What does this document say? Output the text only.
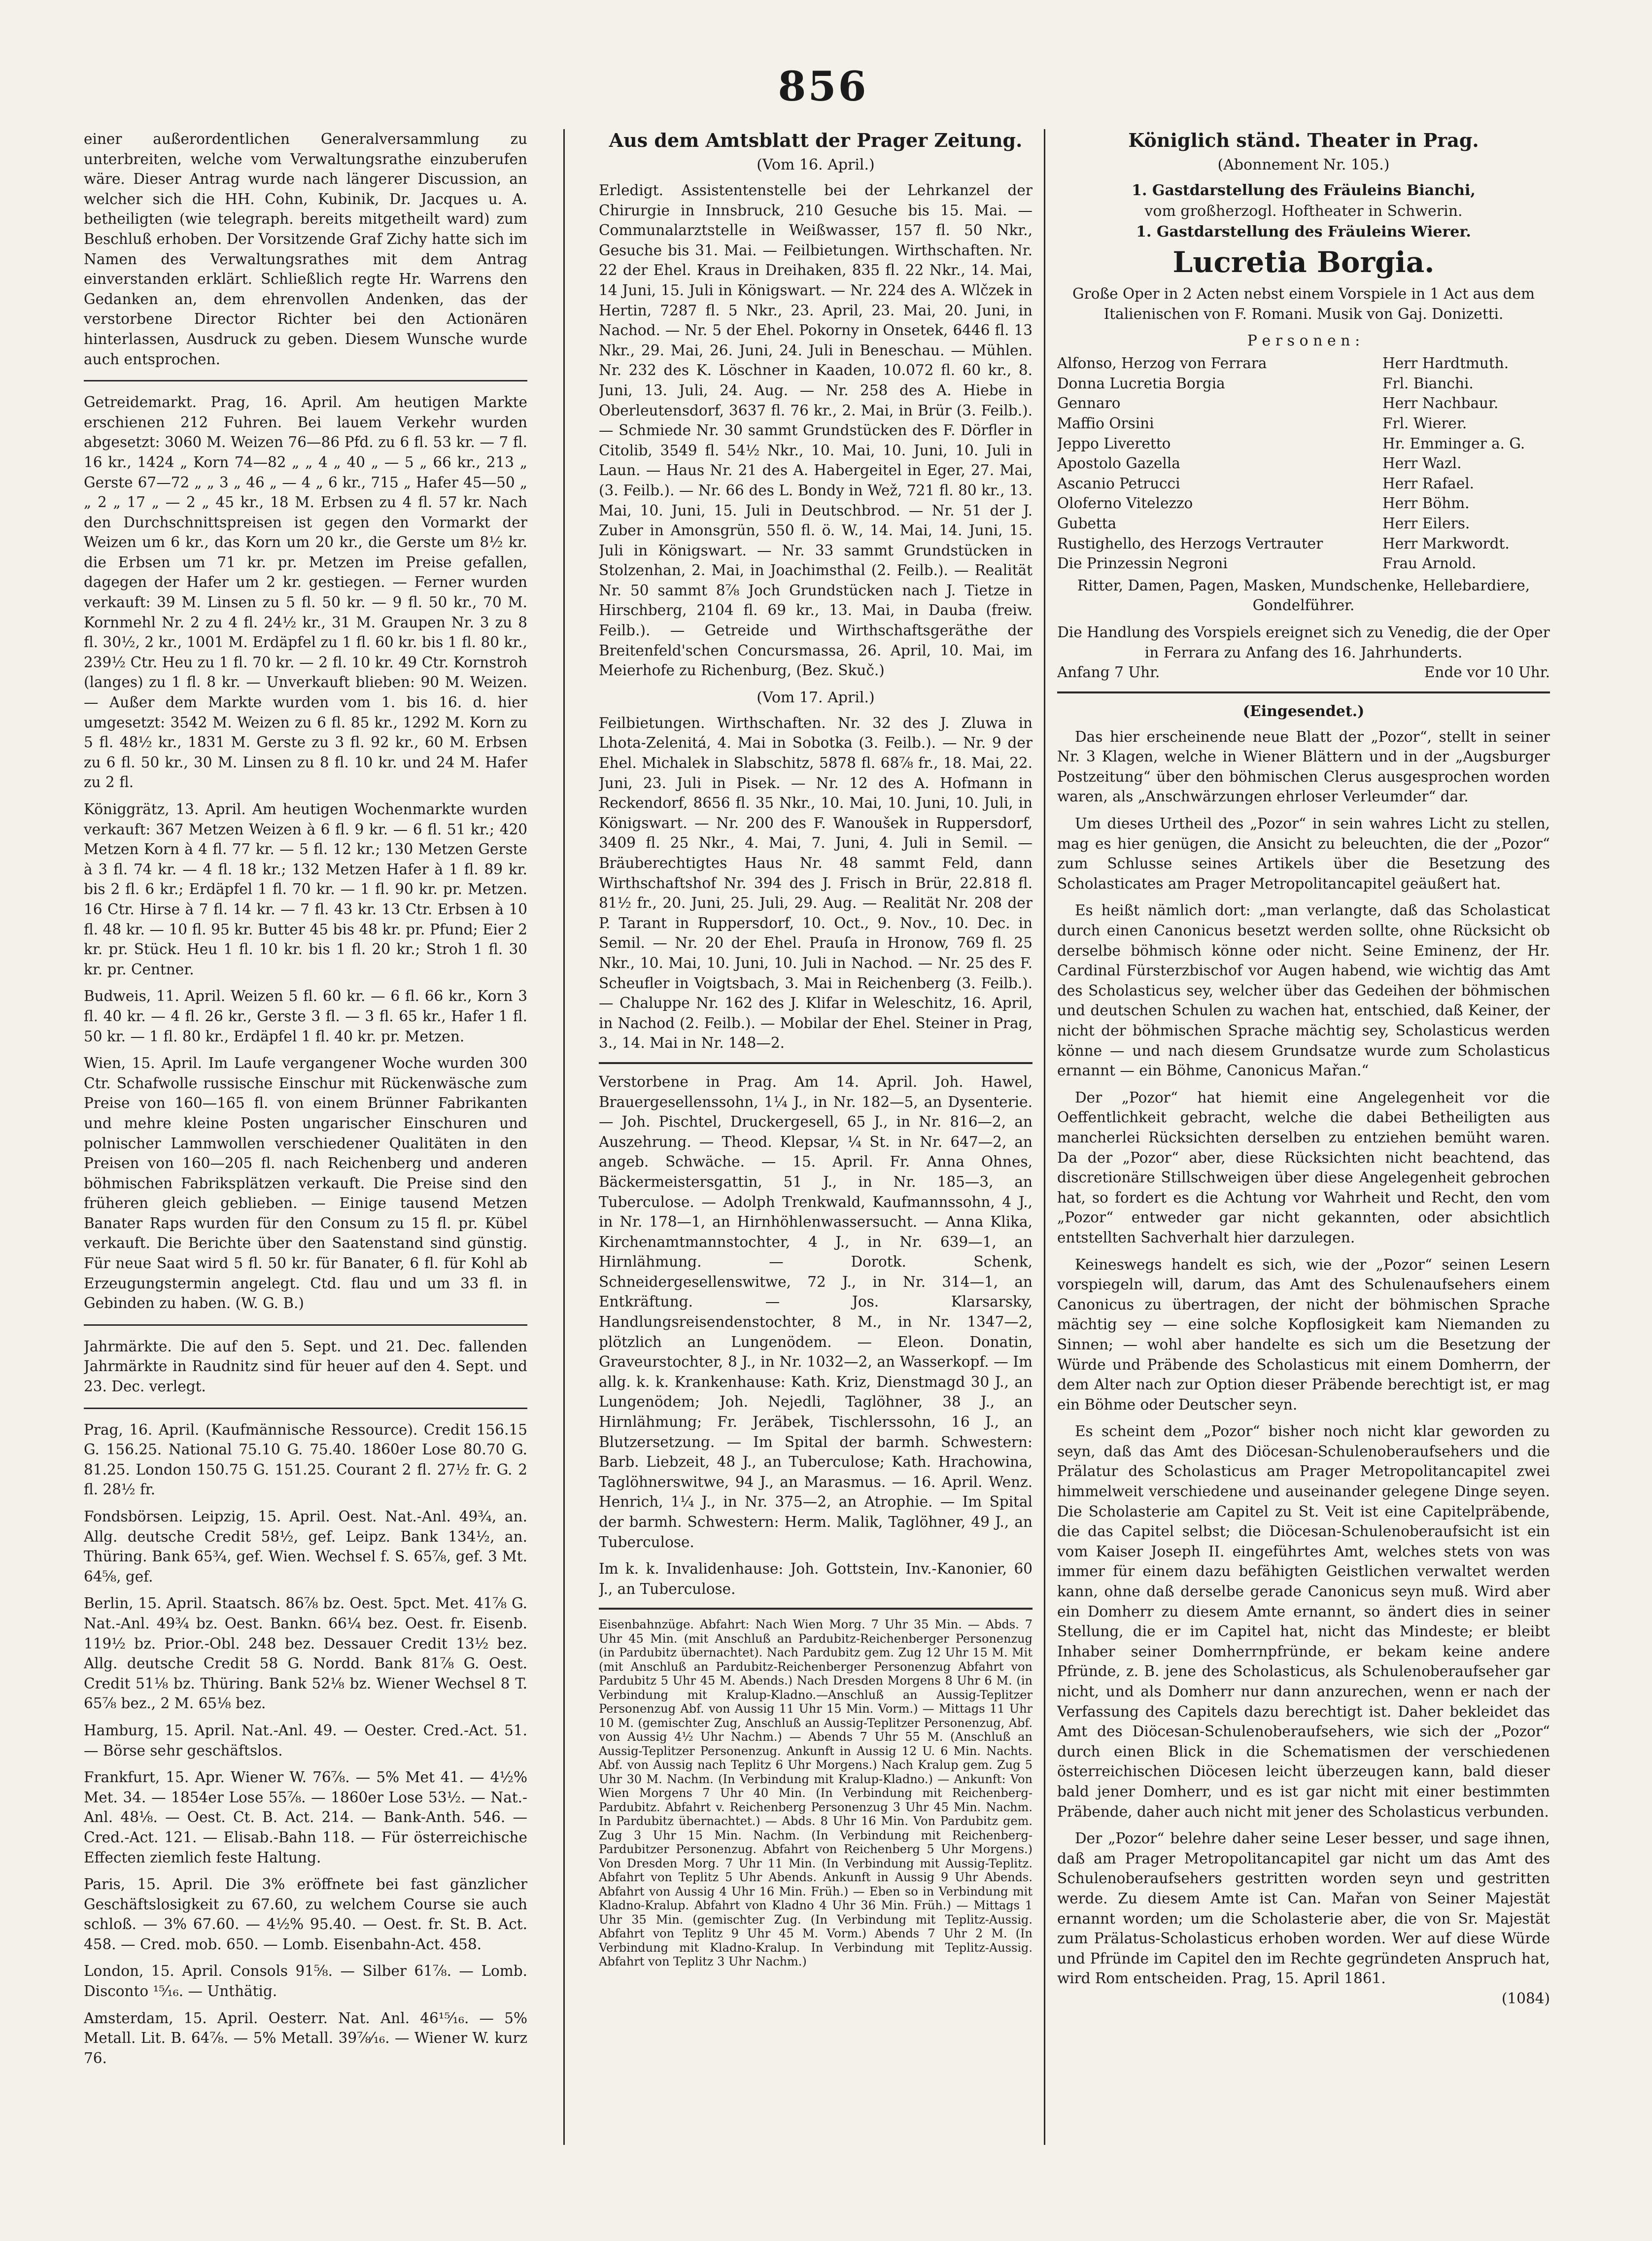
856

einer außerordentlichen Generalversammlung zu unterbreiten, welche vom Verwaltungsrathe einzuberufen wäre. Dieser Antrag wurde nach längerer Discussion, an welcher sich die HH. Cohn, Kubinik, Dr. Jacques u. A. betheiligten (wie telegraph. bereits mitgetheilt ward) zum Beschluß erhoben. Der Vorsitzende Graf Zichy hatte sich im Namen des Verwaltungsrathes mit dem Antrag einverstanden erklärt. Schließlich regte Hr. Warrens den Gedanken an, dem ehrenvollen Andenken, das der verstorbene Director Richter bei den Actionären hinterlassen, Ausdruck zu geben. Diesem Wunsche wurde auch entsprochen.

Getreidemarkt. Prag, 16. April. Am heutigen Markte erschienen 212 Fuhren. Bei lauem Verkehr wurden abgesetzt: 3060 M. Weizen 76—86 Pfd. zu 6 fl. 53 kr. — 7 fl. 16 kr., 1424 „ Korn 74—82 „ „ 4 „ 40 „ — 5 „ 66 kr., 213 „ Gerste 67—72 „ „ 3 „ 46 „ — 4 „ 6 kr., 715 „ Hafer 45—50 „ „ 2 „ 17 „ — 2 „ 45 kr., 18 M. Erbsen zu 4 fl. 57 kr. Nach den Durchschnittspreisen ist gegen den Vormarkt der Weizen um 6 kr., das Korn um 20 kr., die Gerste um 8½ kr. die Erbsen um 71 kr. pr. Metzen im Preise gefallen, dagegen der Hafer um 2 kr. gestiegen. — Ferner wurden verkauft: 39 M. Linsen zu 5 fl. 50 kr. — 9 fl. 50 kr., 70 M. Kornmehl Nr. 2 zu 4 fl. 24½ kr., 31 M. Graupen Nr. 3 zu 8 fl. 30½, 2 kr., 1001 M. Erdäpfel zu 1 fl. 60 kr. bis 1 fl. 80 kr., 239½ Ctr. Heu zu 1 fl. 70 kr. — 2 fl. 10 kr. 49 Ctr. Kornstroh (langes) zu 1 fl. 8 kr. — Unverkauft blieben: 90 M. Weizen. — Außer dem Markte wurden vom 1. bis 16. d. hier umgesetzt: 3542 M. Weizen zu 6 fl. 85 kr., 1292 M. Korn zu 5 fl. 48½ kr., 1831 M. Gerste zu 3 fl. 92 kr., 60 M. Erbsen zu 6 fl. 50 kr., 30 M. Linsen zu 8 fl. 10 kr. und 24 M. Hafer zu 2 fl.

Königgrätz, 13. April. Am heutigen Wochenmarkte wurden verkauft: 367 Metzen Weizen à 6 fl. 9 kr. — 6 fl. 51 kr.; 420 Metzen Korn à 4 fl. 77 kr. — 5 fl. 12 kr.; 130 Metzen Gerste à 3 fl. 74 kr. — 4 fl. 18 kr.; 132 Metzen Hafer à 1 fl. 89 kr. bis 2 fl. 6 kr.; Erdäpfel 1 fl. 70 kr. — 1 fl. 90 kr. pr. Metzen. 16 Ctr. Hirse à 7 fl. 14 kr. — 7 fl. 43 kr. 13 Ctr. Erbsen à 10 fl. 48 kr. — 10 fl. 95 kr. Butter 45 bis 48 kr. pr. Pfund; Eier 2 kr. pr. Stück. Heu 1 fl. 10 kr. bis 1 fl. 20 kr.; Stroh 1 fl. 30 kr. pr. Centner.

Budweis, 11. April. Weizen 5 fl. 60 kr. — 6 fl. 66 kr., Korn 3 fl. 40 kr. — 4 fl. 26 kr., Gerste 3 fl. — 3 fl. 65 kr., Hafer 1 fl. 50 kr. — 1 fl. 80 kr., Erdäpfel 1 fl. 40 kr. pr. Metzen.

Wien, 15. April. Im Laufe vergangener Woche wurden 300 Ctr. Schafwolle russische Einschur mit Rückenwäsche zum Preise von 160—165 fl. von einem Brünner Fabrikanten und mehre kleine Posten ungarischer Einschuren und polnischer Lammwollen verschiedener Qualitäten in den Preisen von 160—205 fl. nach Reichenberg und anderen böhmischen Fabriksplätzen verkauft. Die Preise sind den früheren gleich geblieben. — Einige tausend Metzen Banater Raps wurden für den Consum zu 15 fl. pr. Kübel verkauft. Die Berichte über den Saatenstand sind günstig. Für neue Saat wird 5 fl. 50 kr. für Banater, 6 fl. für Kohl ab Erzeugungstermin angelegt. Ctd. flau und um 33 fl. in Gebinden zu haben. (W. G. B.)

Jahrmärkte. Die auf den 5. Sept. und 21. Dec. fallenden Jahrmärkte in Raudnitz sind für heuer auf den 4. Sept. und 23. Dec. verlegt.

Prag, 16. April. (Kaufmännische Ressource). Credit 156.15 G. 156.25. National 75.10 G. 75.40. 1860er Lose 80.70 G. 81.25. London 150.75 G. 151.25. Courant 2 fl. 27½ fr. G. 2 fl. 28½ fr.

Fondsbörsen. Leipzig, 15. April. Oest. Nat.-Anl. 49¾, an. Allg. deutsche Credit 58½, gef. Leipz. Bank 134½, an. Thüring. Bank 65¾, gef. Wien. Wechsel f. S. 65⅞, gef. 3 Mt. 64⅝, gef.

Berlin, 15. April. Staatsch. 86⅞ bz. Oest. 5pct. Met. 41⅞ G. Nat.-Anl. 49¾ bz. Oest. Bankn. 66¼ bez. Oest. fr. Eisenb. 119½ bz. Prior.-Obl. 248 bez. Dessauer Credit 13½ bez. Allg. deutsche Credit 58 G. Nordd. Bank 81⅞ G. Oest. Credit 51⅛ bz. Thüring. Bank 52⅛ bz. Wiener Wechsel 8 T. 65⅞ bez., 2 M. 65⅛ bez.

Hamburg, 15. April. Nat.-Anl. 49. — Oester. Cred.-Act. 51. — Börse sehr geschäftslos.

Frankfurt, 15. Apr. Wiener W. 76⅞. — 5% Met 41. — 4½% Met. 34. — 1854er Lose 55⅞. — 1860er Lose 53½. — Nat.-Anl. 48⅛. — Oest. Ct. B. Act. 214. — Bank-Anth. 546. — Cred.-Act. 121. — Elisab.-Bahn 118. — Für österreichische Effecten ziemlich feste Haltung.

Paris, 15. April. Die 3% eröffnete bei fast gänzlicher Geschäftslosigkeit zu 67.60, zu welchem Course sie auch schloß. — 3% 67.60. — 4½% 95.40. — Oest. fr. St. B. Act. 458. — Cred. mob. 650. — Lomb. Eisenbahn-Act. 458.

London, 15. April. Consols 91⅝. — Silber 61⅞. — Lomb. Disconto ¹⁵⁄₁₆. — Unthätig.

Amsterdam, 15. April. Oesterr. Nat. Anl. 46¹⁵⁄₁₆. — 5% Metall. Lit. B. 64⅞. — 5% Metall. 39⅞⁄₁₆. — Wiener W. kurz 76.

Aus dem Amtsblatt der Prager Zeitung.
(Vom 16. April.)

Erledigt. Assistentenstelle bei der Lehrkanzel der Chirurgie in Innsbruck, 210 Gesuche bis 15. Mai. — Communalarztstelle in Weißwasser, 157 fl. 50 Nkr., Gesuche bis 31. Mai. — Feilbietungen. Wirthschaften. Nr. 22 der Ehel. Kraus in Dreihaken, 835 fl. 22 Nkr., 14. Mai, 14 Juni, 15. Juli in Königswart. — Nr. 224 des A. Wlčzek in Hertin, 7287 fl. 5 Nkr., 23. April, 23. Mai, 20. Juni, in Nachod. — Nr. 5 der Ehel. Pokorny in Onsetek, 6446 fl. 13 Nkr., 29. Mai, 26. Juni, 24. Juli in Beneschau. — Mühlen. Nr. 232 des K. Löschner in Kaaden, 10.072 fl. 60 kr., 8. Juni, 13. Juli, 24. Aug. — Nr. 258 des A. Hiebe in Oberleutensdorf, 3637 fl. 76 kr., 2. Mai, in Brür (3. Feilb.). — Schmiede Nr. 30 sammt Grundstücken des F. Dörfler in Citolib, 3549 fl. 54½ Nkr., 10. Mai, 10. Juni, 10. Juli in Laun. — Haus Nr. 21 des A. Habergeitel in Eger, 27. Mai, (3. Feilb.). — Nr. 66 des L. Bondy in Wež, 721 fl. 80 kr., 13. Mai, 10. Juni, 15. Juli in Deutschbrod. — Nr. 51 der J. Zuber in Amonsgrün, 550 fl. ö. W., 14. Mai, 14. Juni, 15. Juli in Königswart. — Nr. 33 sammt Grundstücken in Stolzenhan, 2. Mai, in Joachimsthal (2. Feilb.). — Realität Nr. 50 sammt 8⅞ Joch Grundstücken nach J. Tietze in Hirschberg, 2104 fl. 69 kr., 13. Mai, in Dauba (freiw. Feilb.). — Getreide und Wirthschaftsgeräthe der Breitenfeld'schen Concursmassa, 26. April, 10. Mai, im Meierhofe zu Richenburg, (Bez. Skuč.)

(Vom 17. April.)

Feilbietungen. Wirthschaften. Nr. 32 des J. Zluwa in Lhota-Zelenitá, 4. Mai in Sobotka (3. Feilb.). — Nr. 9 der Ehel. Michalek in Slabschitz, 5878 fl. 68⅞ fr., 18. Mai, 22. Juni, 23. Juli in Pisek. — Nr. 12 des A. Hofmann in Reckendorf, 8656 fl. 35 Nkr., 10. Mai, 10. Juni, 10. Juli, in Königswart. — Nr. 200 des F. Wanoušek in Ruppersdorf, 3409 fl. 25 Nkr., 4. Mai, 7. Juni, 4. Juli in Semil. — Bräuberechtigtes Haus Nr. 48 sammt Feld, dann Wirthschaftshof Nr. 394 des J. Frisch in Brür, 22.818 fl. 81½ fr., 20. Juni, 25. Juli, 29. Aug. — Realität Nr. 208 der P. Tarant in Ruppersdorf, 10. Oct., 9. Nov., 10. Dec. in Semil. — Nr. 20 der Ehel. Prauſa in Hronow, 769 fl. 25 Nkr., 10. Mai, 10. Juni, 10. Juli in Nachod. — Nr. 25 des F. Scheufler in Voigtsbach, 3. Mai in Reichenberg (3. Feilb.). — Chaluppe Nr. 162 des J. Klifar in Weleschitz, 16. April, in Nachod (2. Feilb.). — Mobilar der Ehel. Steiner in Prag, 3., 14. Mai in Nr. 148—2.

Verstorbene in Prag. Am 14. April. Joh. Hawel, Brauergesellenssohn, 1¼ J., in Nr. 182—5, an Dysenterie. — Joh. Pischtel, Druckergesell, 65 J., in Nr. 816—2, an Auszehrung. — Theod. Klepsar, ¼ St. in Nr. 647—2, an angeb. Schwäche. — 15. April. Fr. Anna Ohnes, Bäckermeistersgattin, 51 J., in Nr. 185—3, an Tuberculose. — Adolph Trenkwald, Kaufmannssohn, 4 J., in Nr. 178—1, an Hirnhöhlenwassersucht. — Anna Klika, Kirchenamtmannstochter, 4 J., in Nr. 639—1, an Hirnlähmung. — Dorotk. Schenk, Schneidergesellenswitwe, 72 J., in Nr. 314—1, an Entkräftung. — Jos. Klarsarsky, Handlungsreisendenstochter, 8 M., in Nr. 1347—2, plötzlich an Lungenödem. — Eleon. Donatin, Graveurstochter, 8 J., in Nr. 1032—2, an Wasserkopf. — Im allg. k. k. Krankenhause: Kath. Kriz, Dienstmagd 30 J., an Lungenödem; Joh. Nejedli, Taglöhner, 38 J., an Hirnlähmung; Fr. Jeräbek, Tischlerssohn, 16 J., an Blutzersetzung. — Im Spital der barmh. Schwestern: Barb. Liebzeit, 48 J., an Tuberculose; Kath. Hrachowina, Taglöhnerswitwe, 94 J., an Marasmus. — 16. April. Wenz. Henrich, 1¼ J., in Nr. 375—2, an Atrophie. — Im Spital der barmh. Schwestern: Herm. Malik, Taglöhner, 49 J., an Tuberculose.

Im k. k. Invalidenhause: Joh. Gottstein, Inv.-Kanonier, 60 J., an Tuberculose.

Eisenbahnzüge. Abfahrt: Nach Wien Morg. 7 Uhr 35 Min. — Abds. 7 Uhr 45 Min. (mit Anschluß an Pardubitz-Reichenberger Personenzug (in Pardubitz übernachtet). Nach Pardubitz gem. Zug 12 Uhr 15 M. Mit (mit Anschluß an Pardubitz-Reichenberger Personenzug Abfahrt von Pardubitz 5 Uhr 45 M. Abends.) Nach Dresden Morgens 8 Uhr 6 M. (in Verbindung mit Kralup-Kladno.—Anschluß an Aussig-Teplitzer Personenzug Abf. von Aussig 11 Uhr 15 Min. Vorm.) — Mittags 11 Uhr 10 M. (gemischter Zug, Anschluß an Aussig-Teplitzer Personenzug, Abf. von Aussig 4½ Uhr Nachm.) — Abends 7 Uhr 55 M. (Anschluß an Aussig-Teplitzer Personenzug. Ankunft in Aussig 12 U. 6 Min. Nachts. Abf. von Aussig nach Teplitz 6 Uhr Morgens.) Nach Kralup gem. Zug 5 Uhr 30 M. Nachm. (In Verbindung mit Kralup-Kladno.) — Ankunft: Von Wien Morgens 7 Uhr 40 Min. (In Verbindung mit Reichenberg-Pardubitz. Abfahrt v. Reichenberg Personenzug 3 Uhr 45 Min. Nachm. In Pardubitz übernachtet.) — Abds. 8 Uhr 16 Min. Von Pardubitz gem. Zug 3 Uhr 15 Min. Nachm. (In Verbindung mit Reichenberg-Pardubitzer Personenzug. Abfahrt von Reichenberg 5 Uhr Morgens.) Von Dresden Morg. 7 Uhr 11 Min. (In Verbindung mit Aussig-Teplitz. Abfahrt von Teplitz 5 Uhr Abends. Ankunft in Aussig 9 Uhr Abends. Abfahrt von Aussig 4 Uhr 16 Min. Früh.) — Eben so in Verbindung mit Kladno-Kralup. Abfahrt von Kladno 4 Uhr 36 Min. Früh.) — Mittags 1 Uhr 35 Min. (gemischter Zug. (In Verbindung mit Teplitz-Aussig. Abfahrt von Teplitz 9 Uhr 45 M. Vorm.) Abends 7 Uhr 2 M. (In Verbindung mit Kladno-Kralup. In Verbindung mit Teplitz-Aussig. Abfahrt von Teplitz 3 Uhr Nachm.)

Königlich ständ. Theater in Prag.
(Abonnement Nr. 105.)
1. Gastdarstellung des Fräuleins Bianchi,
vom großherzogl. Hoftheater in Schwerin.
1. Gastdarstellung des Fräuleins Wierer.
Lucretia Borgia.

Große Oper in 2 Acten nebst einem Vorspiele in 1 Act aus dem Italienischen von F. Romani. Musik von Gaj. Donizetti.

P e r s o n e n :
Alfonso, Herzog von Ferrara	Herr Hardtmuth.
Donna Lucretia Borgia	Frl. Bianchi.
Gennaro	Herr Nachbaur.
Maffio Orsini	Frl. Wierer.
Jeppo Liveretto	Hr. Emminger a. G.
Apostolo Gazella	Herr Wazl.
Ascanio Petrucci	Herr Rafael.
Oloferno Vitelezzo	Herr Böhm.
Gubetta	Herr Eilers.
Rustighello, des Herzogs Vertrauter	Herr Markwordt.
Die Prinzessin Negroni	Frau Arnold.

Ritter, Damen, Pagen, Masken, Mundschenke, Hellebardiere, Gondelführer.

Die Handlung des Vorspiels ereignet sich zu Venedig, die der Oper in Ferrara zu Anfang des 16. Jahrhunderts.

Anfang 7 Uhr.	Ende vor 10 Uhr.
(Eingesendet.)

Das hier erscheinende neue Blatt der „Pozor“, stellt in seiner Nr. 3 Klagen, welche in Wiener Blättern und in der „Augsburger Postzeitung“ über den böhmischen Clerus ausgesprochen worden waren, als „Anschwärzungen ehrloser Verleumder“ dar.

Um dieses Urtheil des „Pozor“ in sein wahres Licht zu stellen, mag es hier genügen, die Ansicht zu beleuchten, die der „Pozor“ zum Schlusse seines Artikels über die Besetzung des Scholasticates am Prager Metropolitancapitel geäußert hat.

Es heißt nämlich dort: „man verlangte, daß das Scholasticat durch einen Canonicus besetzt werden sollte, ohne Rücksicht ob derselbe böhmisch könne oder nicht. Seine Eminenz, der Hr. Cardinal Fürsterzbischof vor Augen habend, wie wichtig das Amt des Scholasticus sey, welcher über das Gedeihen der böhmischen und deutschen Schulen zu wachen hat, entschied, daß Keiner, der nicht der böhmischen Sprache mächtig sey, Scholasticus werden könne — und nach diesem Grundsatze wurde zum Scholasticus ernannt — ein Böhme, Canonicus Mařan.“

Der „Pozor“ hat hiemit eine Angelegenheit vor die Oeffentlichkeit gebracht, welche die dabei Betheiligten aus mancherlei Rücksichten derselben zu entziehen bemüht waren. Da der „Pozor“ aber, diese Rücksichten nicht beachtend, das discretionäre Stillschweigen über diese Angelegenheit gebrochen hat, so fordert es die Achtung vor Wahrheit und Recht, den vom „Pozor“ entweder gar nicht gekannten, oder absichtlich entstellten Sachverhalt hier darzulegen.

Keineswegs handelt es sich, wie der „Pozor“ seinen Lesern vorspiegeln will, darum, das Amt des Schulenaufsehers einem Canonicus zu übertragen, der nicht der böhmischen Sprache mächtig sey — eine solche Kopflosigkeit kam Niemanden zu Sinnen; — wohl aber handelte es sich um die Besetzung der Würde und Präbende des Scholasticus mit einem Domherrn, der dem Alter nach zur Option dieser Präbende berechtigt ist, er mag ein Böhme oder Deutscher seyn.

Es scheint dem „Pozor“ bisher noch nicht klar geworden zu seyn, daß das Amt des Diöcesan-Schulenoberaufsehers und die Prälatur des Scholasticus am Prager Metropolitancapitel zwei himmelweit verschiedene und auseinander gelegene Dinge seyen. Die Scholasterie am Capitel zu St. Veit ist eine Capitelpräbende, die das Capitel selbst; die Diöcesan-Schulenoberaufsicht ist ein vom Kaiser Joseph II. eingeführtes Amt, welches stets von was immer für einem dazu befähigten Geistlichen verwaltet werden kann, ohne daß derselbe gerade Canonicus seyn muß. Wird aber ein Domherr zu diesem Amte ernannt, so ändert dies in seiner Stellung, die er im Capitel hat, nicht das Mindeste; er bleibt Inhaber seiner Domherrnpfründe, er bekam keine andere Pfründe, z. B. jene des Scholasticus, als Schulenoberaufseher gar nicht, und als Domherr nur dann anzurechen, wenn er nach der Verfassung des Capitels dazu berechtigt ist. Daher bekleidet das Amt des Diöcesan-Schulenoberaufsehers, wie sich der „Pozor“ durch einen Blick in die Schematismen der verschiedenen österreichischen Diöcesen leicht überzeugen kann, bald dieser bald jener Domherr, und es ist gar nicht mit einer bestimmten Präbende, daher auch nicht mit jener des Scholasticus verbunden.

Der „Pozor“ belehre daher seine Leser besser, und sage ihnen, daß am Prager Metropolitancapitel gar nicht um das Amt des Schulenoberaufsehers gestritten worden seyn und gestritten werde. Zu diesem Amte ist Can. Mařan von Seiner Majestät ernannt worden; um die Scholasterie aber, die von Sr. Majestät zum Prälatus-Scholasticus erhoben worden. Wer auf diese Würde und Pfründe im Capitel den im Rechte gegründeten Anspruch hat, wird Rom entscheiden. Prag, 15. April 1861.

(1084)
